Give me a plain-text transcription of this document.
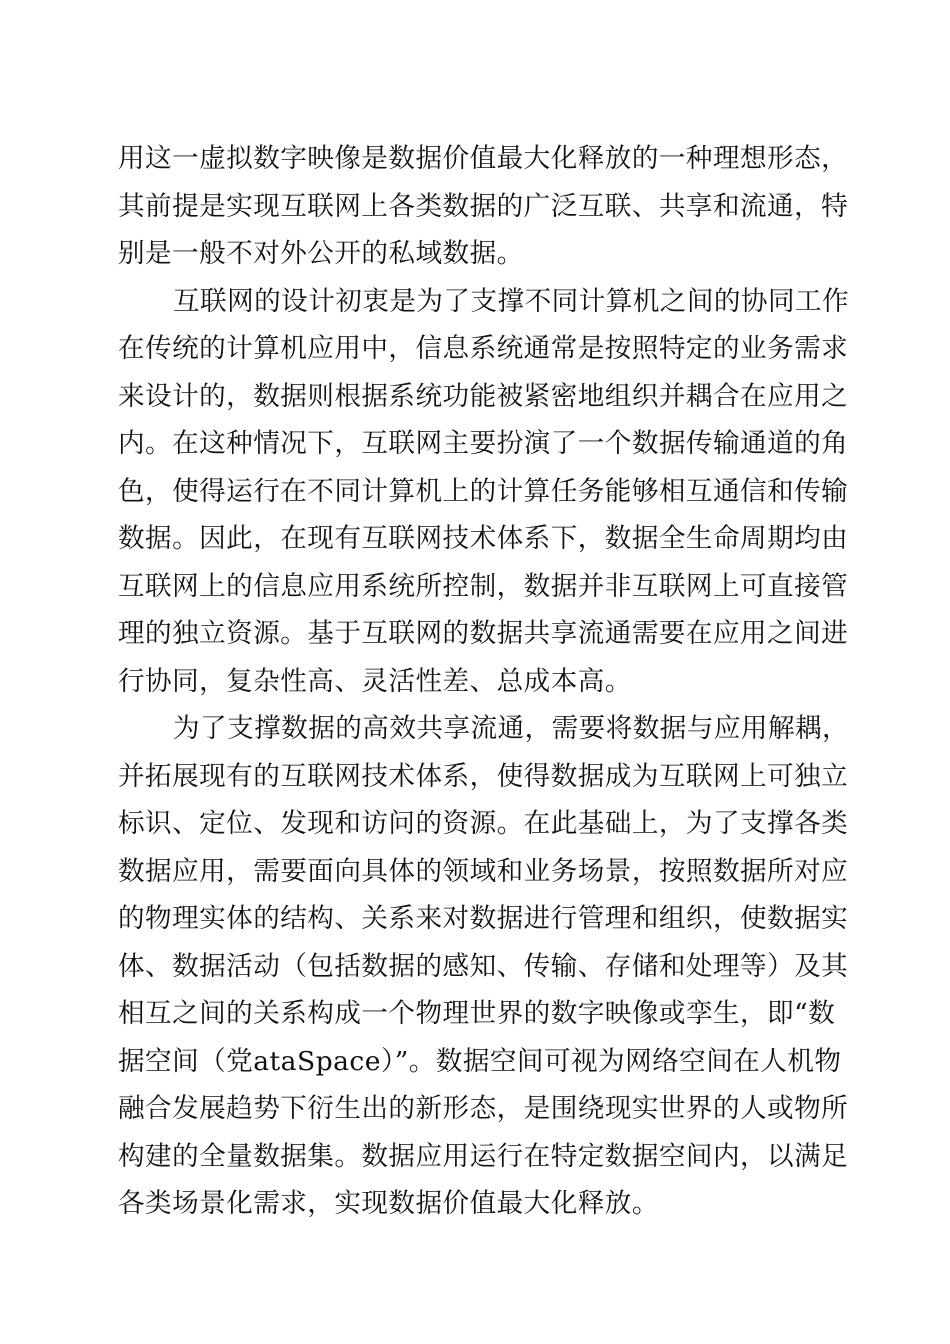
用这一虚拟数字映像是数据价值最大化释放的一种理想形态，
其前提是实现互联网上各类数据的广泛互联、共享和流通，特
别是一般不对外公开的私域数据。
互联网的设计初衷是为了支撑不同计算机之间的协同工作
在传统的计算机应用中，信息系统通常是按照特定的业务需求
来设计的，数据则根据系统功能被紧密地组织并耦合在应用之
内。在这种情况下，互联网主要扮演了一个数据传输通道的角
色，使得运行在不同计算机上的计算任务能够相互通信和传输
数据。因此，在现有互联网技术体系下，数据全生命周期均由
互联网上的信息应用系统所控制，数据并非互联网上可直接管
理的独立资源。基于互联网的数据共享流通需要在应用之间进
行协同，复杂性高、灵活性差、总成本高。
为了支撑数据的高效共享流通，需要将数据与应用解耦，
并拓展现有的互联网技术体系，使得数据成为互联网上可独立
标识、定位、发现和访问的资源。在此基础上，为了支撑各类
数据应用，需要面向具体的领域和业务场景，按照数据所对应
的物理实体的结构、关系来对数据进行管理和组织，使数据实
体、数据活动（包括数据的感知、传输、存储和处理等）及其
相互之间的关系构成一个物理世界的数字映像或孪生，即“数
据空间（党ataSpace）”。数据空间可视为网络空间在人机物
融合发展趋势下衍生出的新形态，是围绕现实世界的人或物所
构建的全量数据集。数据应用运行在特定数据空间内，以满足
各类场景化需求，实现数据价值最大化释放。
